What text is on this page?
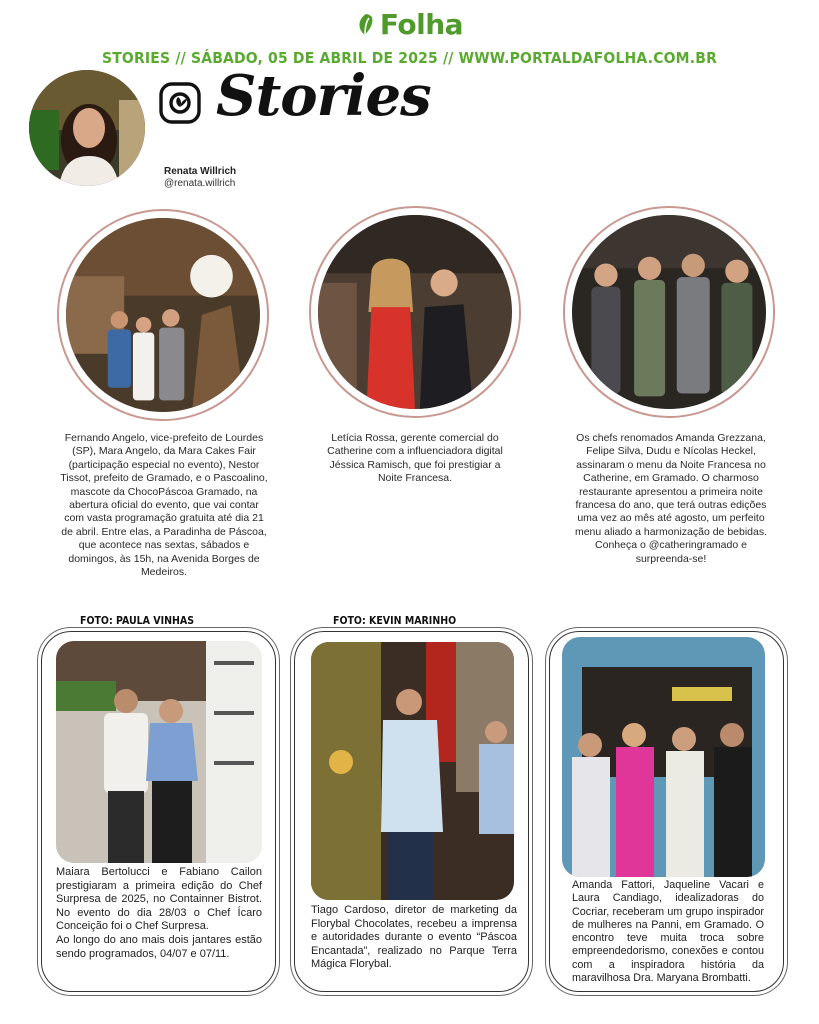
Folha
STORIES // SÁBADO, 05 DE ABRIL DE 2025 // WWW.PORTALDAFOLHA.COM.BR
Stories
Renata Willrich
@renata.willrich
Fernando Angelo, vice-prefeito de Lourdes (SP), Mara Angelo, da Mara Cakes Fair (participação especial no evento), Nestor Tissot, prefeito de Gramado, e o Pascoalino, mascote da ChocoPáscoa Gramado, na abertura oficial do evento, que vai contar com vasta programação gratuita até dia 21 de abril. Entre elas, a Paradinha de Páscoa, que acontece nas sextas, sábados e domingos, às 15h, na Avenida Borges de Medeiros.
Letícia Rossa, gerente comercial do Catherine com a influenciadora digital Jéssica Ramisch, que foi prestigiar a Noite Francesa.
Os chefs renomados Amanda Grezzana, Felipe Silva, Dudu e Nícolas Heckel, assinaram o menu da Noite Francesa no Catherine, em Gramado. O charmoso restaurante apresentou a primeira noite francesa do ano, que terá outras edições uma vez ao mês até agosto, um perfeito menu aliado a harmonização de bebidas. Conheça o @catheringramado e surpreenda-se!
FOTO: PAULA VINHAS	FOTO: KEVIN MARINHO

Maiara Bertolucci e Fabiano Cailon prestigiaram a primeira edição do Chef Surpresa de 2025, no Containner Bistrot. No evento do dia 28/03 o Chef Ícaro Conceição foi o Chef Surpresa.

Ao longo do ano mais dois jantares estão sendo programados, 04/07 e 07/11.

Tiago Cardoso, diretor de marketing da Florybal Chocolates, recebeu a imprensa e autoridades durante o evento “Páscoa Encantada”, realizado no Parque Terra Mágica Florybal.

Amanda Fattori, Jaqueline Vacari e Laura Candiago, idealizadoras do Cocriar, receberam um grupo inspirador de mulheres na Panni, em Gramado. O encontro teve muita troca sobre empreendedorismo, conexões e contou com a inspiradora história da maravilhosa Dra. Maryana Brombatti.
